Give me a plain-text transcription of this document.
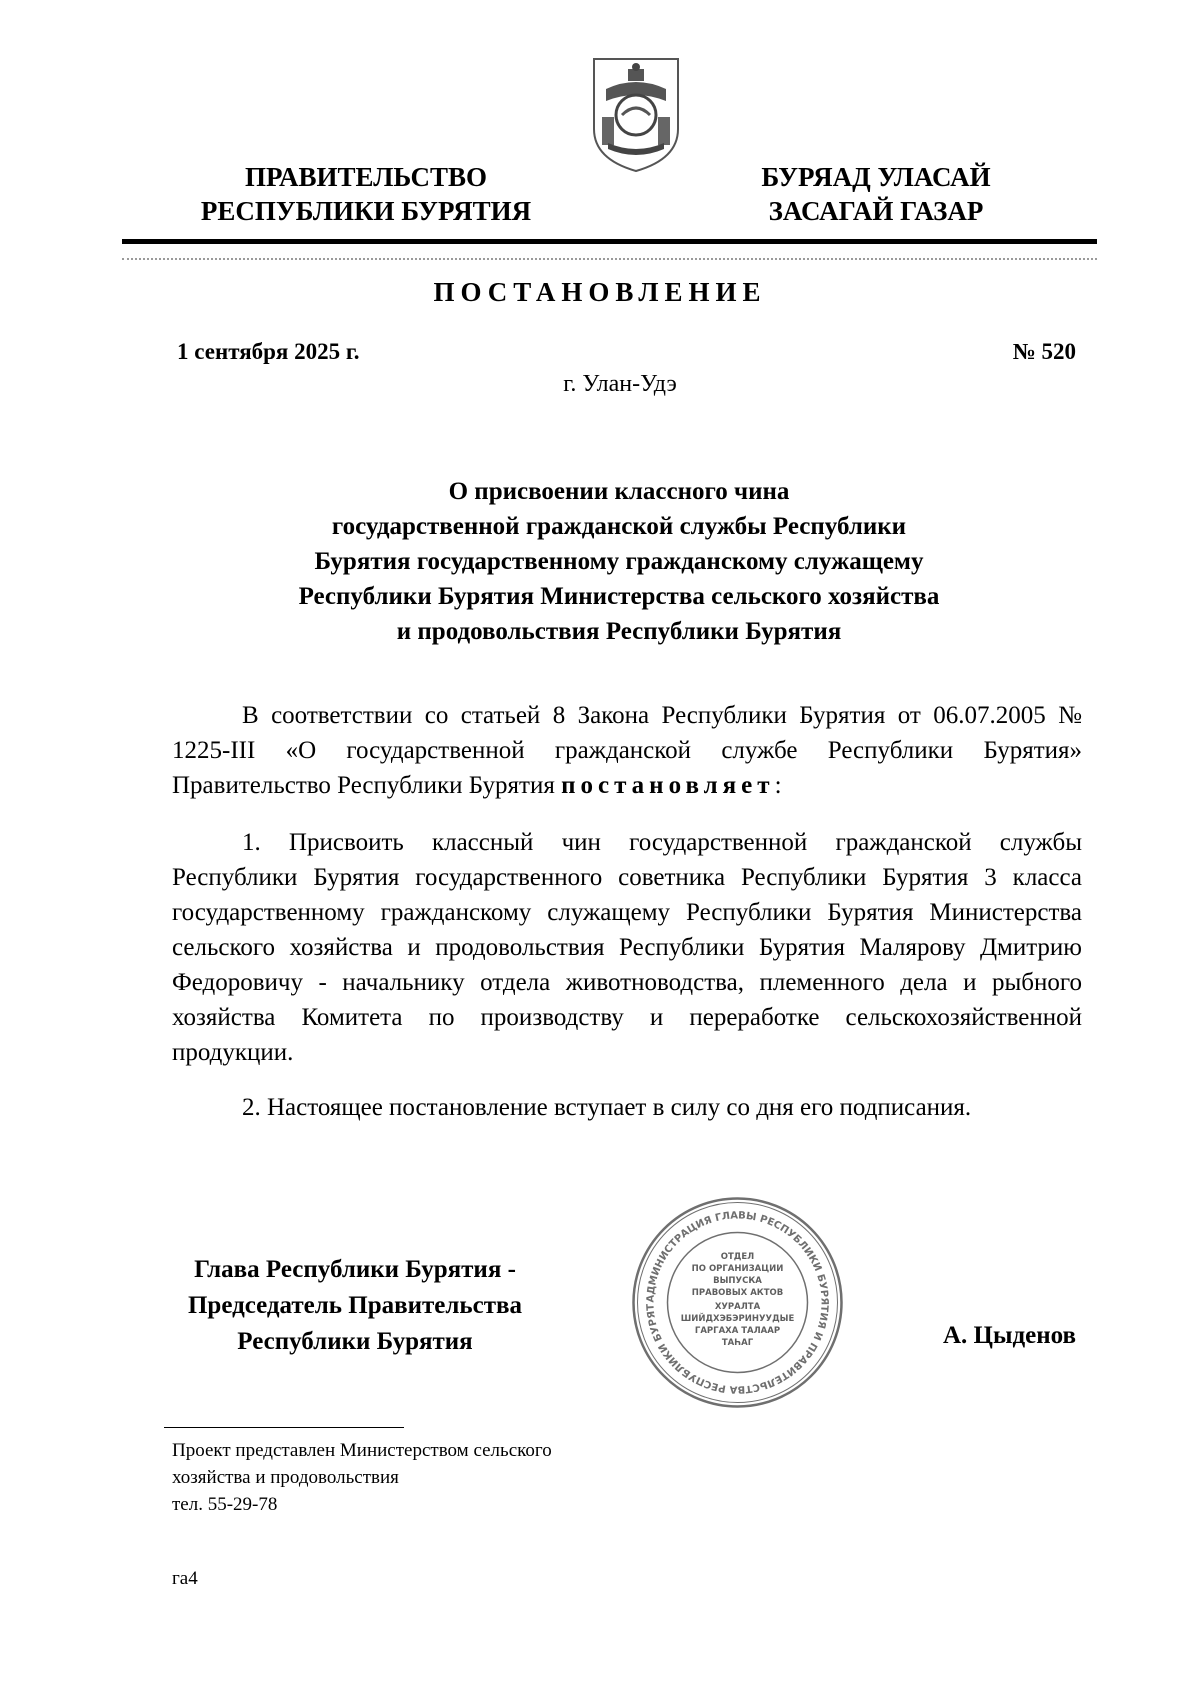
ПРАВИТЕЛЬСТВО
РЕСПУБЛИКИ БУРЯТИЯ
БУРЯАД УЛАСАЙ
ЗАСАГАЙ ГАЗАР
ПОСТАНОВЛЕНИЕ
1 сентября 2025 г.	№ 520
г. Улан-Удэ
О присвоении классного чина
государственной гражданской службы Республики
Бурятия государственному гражданскому служащему
Республики Бурятия Министерства сельского хозяйства
и продовольствия Республики Бурятия

В соответствии со статьей 8 Закона Республики Бурятия от 06.07.2005 № 1225-III «О государственной гражданской службе Республики Бурятия» Правительство Республики Бурятия постановляет:

1. Присвоить классный чин государственной гражданской службы Республики Бурятия государственного советника Республики Бурятия 3 класса государственному гражданскому служащему Республики Бурятия Министерства сельского хозяйства и продовольствия Республики Бурятия Малярову Дмитрию Федоровичу - начальнику отдела животноводства, племенного дела и рыбного хозяйства Комитета по производству и переработке сельскохозяйственной продукции.

2. Настоящее постановление вступает в силу со дня его подписания.

Глава Республики Бурятия -
Председатель Правительства
Республики Бурятия
АДМИНИСТРАЦИЯ ГЛАВЫ РЕСПУБЛИКИ БУРЯТИЯ И ПРАВИТЕЛЬСТВА РЕСПУБЛИКИ БУРЯТ
ОТДЕЛ
ПО ОРГАНИЗАЦИИ
ВЫПУСКА
ПРАВОВЫХ АКТОВ
ХУРАЛТА
ШИЙДХЭБЭРИНУУДЫЕ
ГАРГАХА ТАЛААР
ТАҺАГ	А. Цыденов
Проект представлен Министерством сельского
хозяйства и продовольствия
тел. 55-29-78
га4
